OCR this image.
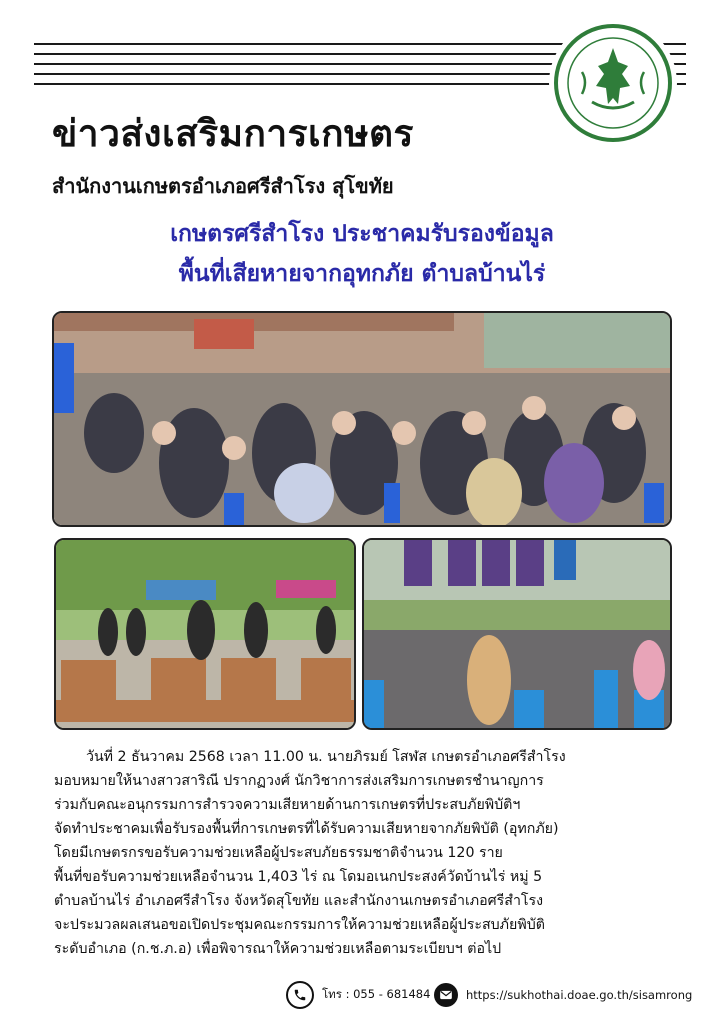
ข่าวส่งเสริมการเกษตร
สำนักงานเกษตรอำเภอศรีสำโรง สุโขทัย
เกษตรศรีสำโรง ประชาคมรับรองข้อมูล
พื้นที่เสียหายจากอุทกภัย ตำบลบ้านไร่

วันที่ 2 ธันวาคม 2568 เวลา 11.00 น. นายภิรมย์ โสฬส เกษตรอำเภอศรีสำโรง
มอบหมายให้นางสาวสาริณี ปรากฏวงศ์ นักวิชาการส่งเสริมการเกษตรชำนาญการ
ร่วมกับคณะอนุกรรมการสำรวจความเสียหายด้านการเกษตรที่ประสบภัยพิบัติฯ
จัดทำประชาคมเพื่อรับรองพื้นที่การเกษตรที่ได้รับความเสียหายจากภัยพิบัติ (อุทกภัย)
โดยมีเกษตรกรขอรับความช่วยเหลือผู้ประสบภัยธรรมชาติจำนวน 120 ราย
พื้นที่ขอรับความช่วยเหลือจำนวน 1,403 ไร่ ณ โดมอเนกประสงค์วัดบ้านไร่ หมู่ 5
ตำบลบ้านไร่ อำเภอศรีสำโรง จังหวัดสุโขทัย และสำนักงานเกษตรอำเภอศรีสำโรง
จะประมวลผลเสนอขอเปิดประชุมคณะกรรมการให้ความช่วยเหลือผู้ประสบภัยพิบัติ
ระดับอำเภอ (ก.ช.ภ.อ) เพื่อพิจารณาให้ความช่วยเหลือตามระเบียบฯ ต่อไป

โทร : 055 - 681484	https://sukhothai.doae.go.th/sisamrong
